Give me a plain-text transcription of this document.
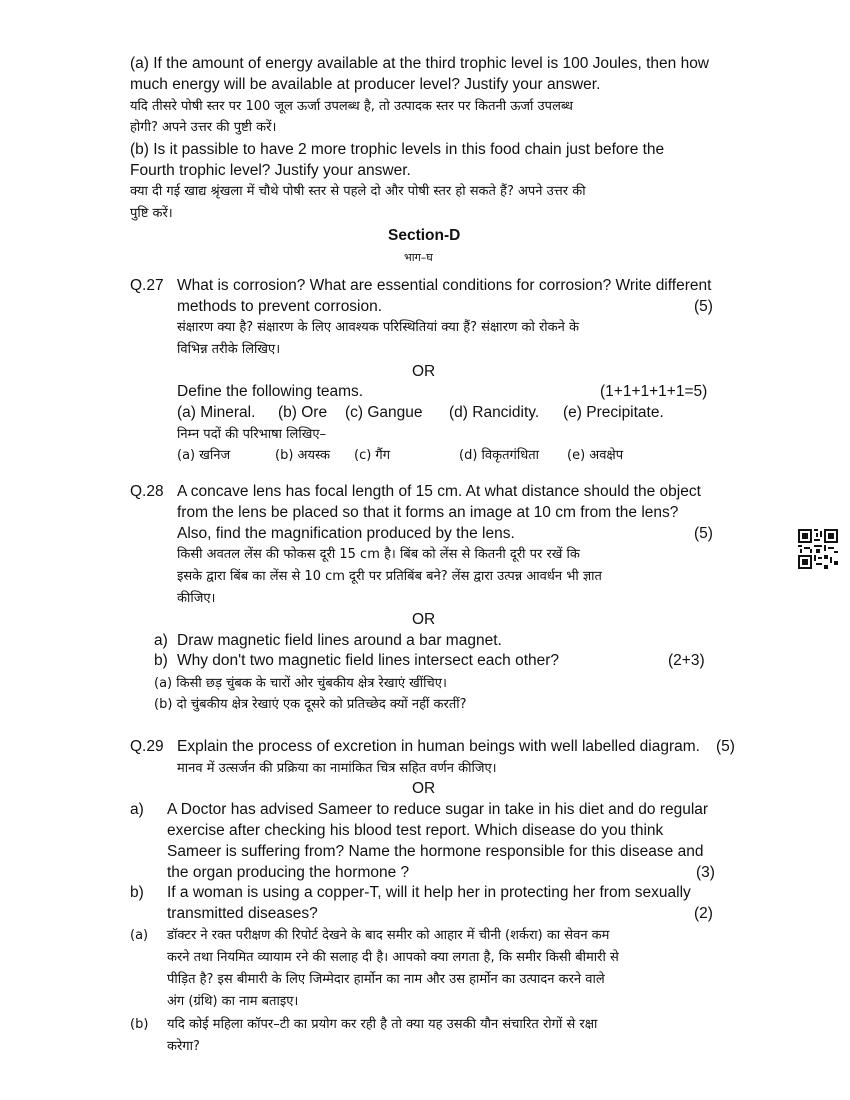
(a) If the amount of energy available at the third trophic level is 100 Joules, then how
much energy will be available at producer level? Justify your answer.
यदि तीसरे पोषी स्तर पर 100 जूल ऊर्जा उपलब्ध है, तो उत्पादक स्तर पर कितनी ऊर्जा उपलब्ध
होगी? अपने उत्तर की पुष्टी करें।
(b) Is it passible to have 2 more trophic levels in this food chain just before the
Fourth trophic level? Justify your answer.
क्या दी गई खाद्य श्रृंखला में चौथे पोषी स्तर से पहले दो और पोषी स्तर हो सकते हैं? अपने उत्तर की
पुष्टि करें।
Section-D
भाग–घ
Q.27 What is corrosion? What are essential conditions for corrosion? Write different
methods to prevent corrosion.	(5)
संक्षारण क्या है? संक्षारण के लिए आवश्यक परिस्थितियां क्या हैं? संक्षारण को रोकने के
विभिन्न तरीके लिखिए।
OR
Define the following teams.	(1+1+1+1+1=5)
(a) Mineral. (b) Ore (c) Gangue (d) Rancidity. (e) Precipitate.
निम्न पदों की परिभाषा लिखिए–
(a) खनिज	(b) अयस्क (c) गैंग	(d) विकृतगंधिता (e) अवक्षेप
Q.28 A concave lens has focal length of 15 cm. At what distance should the object
from the lens be placed so that it forms an image at 10 cm from the lens?
Also, find the magnification produced by the lens.	(5)
किसी अवतल लेंस की फोकस दूरी 15 cm है। बिंब को लेंस से कितनी दूरी पर रखें कि
इसके द्वारा बिंब का लेंस से 10 cm दूरी पर प्रतिबिंब बने? लेंस द्वारा उत्पन्न आवर्धन भी ज्ञात
कीजिए।
OR
a) Draw magnetic field lines around a bar magnet.
b) Why don't two magnetic field lines intersect each other?	(2+3)
(a) किसी छड़ चुंबक के चारों ओर चुंबकीय क्षेत्र रेखाएं खींचिए।
(b) दो चुंबकीय क्षेत्र रेखाएं एक दूसरे को प्रतिच्छेद क्यों नहीं करतीं?
Q.29 Explain the process of excretion in human beings with well labelled diagram. (5)
मानव में उत्सर्जन की प्रक्रिया का नामांकित चित्र सहित वर्णन कीजिए।
OR
a) A Doctor has advised Sameer to reduce sugar in take in his diet and do regular
exercise after checking his blood test report. Which disease do you think
Sameer is suffering from? Name the hormone responsible for this disease and
the organ producing the hormone ?	(3)
b) If a woman is using a copper-T, will it help her in protecting her from sexually
transmitted diseases?	(2)
(a) डॉक्टर ने रक्त परीक्षण की रिपोर्ट देखने के बाद समीर को आहार में चीनी (शर्करा) का सेवन कम
करने तथा नियमित व्यायाम रने की सलाह दी है। आपको क्या लगता है, कि समीर किसी बीमारी से
पीड़ित है? इस बीमारी के लिए जिम्मेदार हार्मोन का नाम और उस हार्मोन का उत्पादन करने वाले
अंग (ग्रंथि) का नाम बताइए।
(b) यदि कोई महिला कॉपर–टी का प्रयोग कर रही है तो क्या यह उसकी यौन संचारित रोगों से रक्षा
करेगा?
